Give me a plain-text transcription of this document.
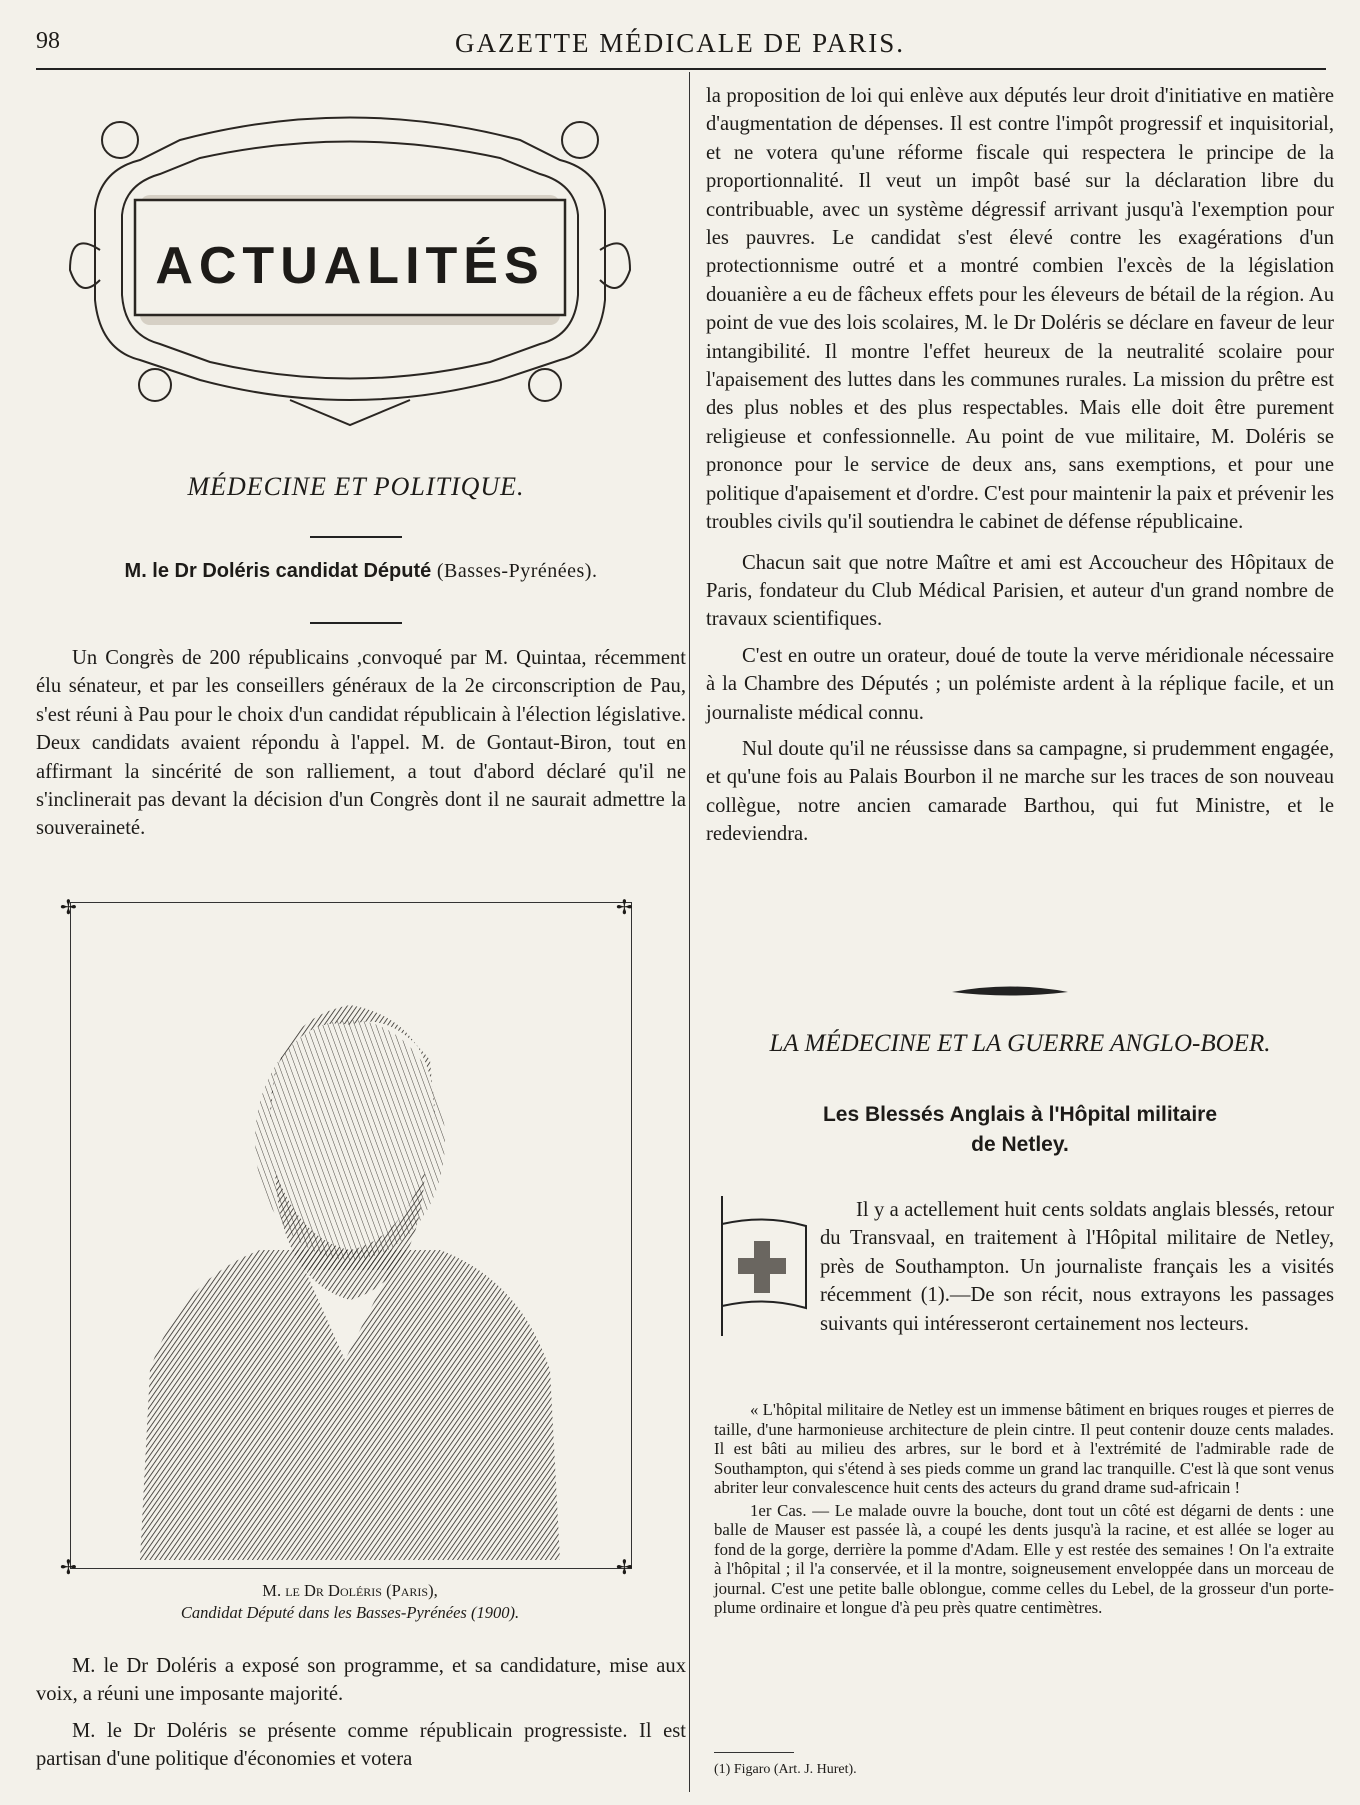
98	GAZETTE MÉDICALE DE PARIS.
ACTUALITÉS
MÉDECINE ET POLITIQUE.
M. le Dr Doléris candidat Député (Basses-Pyrénées).

Un Congrès de 200 républicains ,convoqué par M. Quintaa, récemment élu sénateur, et par les conseillers généraux de la 2e circonscription de Pau, s'est réuni à Pau pour le choix d'un candidat républicain à l'élection législative. Deux candidats avaient répondu à l'appel. M. de Gontaut-Biron, tout en affirmant la sincérité de son ralliement, a tout d'abord déclaré qu'il ne s'inclinerait pas devant la décision d'un Congrès dont il ne saurait admettre la souveraineté.

✢	✢
✢	✢
M. le Dr Doléris (Paris),
Candidat Député dans les Basses-Pyrénées (1900).

M. le Dr Doléris a exposé son programme, et sa candidature, mise aux voix, a réuni une imposante majorité.

M. le Dr Doléris se présente comme républicain progressiste. Il est partisan d'une politique d'économies et votera

la proposition de loi qui enlève aux députés leur droit d'initiative en matière d'augmentation de dépenses. Il est contre l'impôt progressif et inquisitorial, et ne votera qu'une réforme fiscale qui respectera le principe de la proportionnalité. Il veut un impôt basé sur la déclaration libre du contribuable, avec un système dégressif arrivant jusqu'à l'exemption pour les pauvres. Le candidat s'est élevé contre les exagérations d'un protectionnisme outré et a montré combien l'excès de la législation douanière a eu de fâcheux effets pour les éleveurs de bétail de la région. Au point de vue des lois scolaires, M. le Dr Doléris se déclare en faveur de leur intangibilité. Il montre l'effet heureux de la neutralité scolaire pour l'apaisement des luttes dans les communes rurales. La mission du prêtre est des plus nobles et des plus respectables. Mais elle doit être purement religieuse et confessionnelle. Au point de vue militaire, M. Doléris se prononce pour le service de deux ans, sans exemptions, et pour une politique d'apaisement et d'ordre. C'est pour maintenir la paix et prévenir les troubles civils qu'il soutiendra le cabinet de défense républicaine.

Chacun sait que notre Maître et ami est Accoucheur des Hôpitaux de Paris, fondateur du Club Médical Parisien, et auteur d'un grand nombre de travaux scientifiques.

C'est en outre un orateur, doué de toute la verve méridionale nécessaire à la Chambre des Députés ; un polémiste ardent à la réplique facile, et un journaliste médical connu.

Nul doute qu'il ne réussisse dans sa campagne, si prudemment engagée, et qu'une fois au Palais Bourbon il ne marche sur les traces de son nouveau collègue, notre ancien camarade Barthou, qui fut Ministre, et le redeviendra.

LA MÉDECINE ET LA GUERRE ANGLO-BOER.
Les Blessés Anglais à l'Hôpital militaire
de Netley.

Il y a actellement huit cents soldats anglais blessés, retour du Transvaal, en traitement à l'Hôpital militaire de Netley, près de Southampton. Un journaliste français les a visités récemment (1).—De son récit, nous extrayons les passages suivants qui intéresseront certainement nos lecteurs.

« L'hôpital militaire de Netley est un immense bâtiment en briques rouges et pierres de taille, d'une harmonieuse architecture de plein cintre. Il peut contenir douze cents malades. Il est bâti au milieu des arbres, sur le bord et à l'extrémité de l'admirable rade de Southampton, qui s'étend à ses pieds comme un grand lac tranquille. C'est là que sont venus abriter leur convalescence huit cents des acteurs du grand drame sud-africain !

1er Cas. — Le malade ouvre la bouche, dont tout un côté est dégarni de dents : une balle de Mauser est passée là, a coupé les dents jusqu'à la racine, et est allée se loger au fond de la gorge, derrière la pomme d'Adam. Elle y est restée des semaines ! On l'a extraite à l'hôpital ; il l'a conservée, et il la montre, soigneusement enveloppée dans un morceau de journal. C'est une petite balle oblongue, comme celles du Lebel, de la grosseur d'un porte-plume ordinaire et longue d'à peu près quatre centimètres.

(1) Figaro (Art. J. Huret).
